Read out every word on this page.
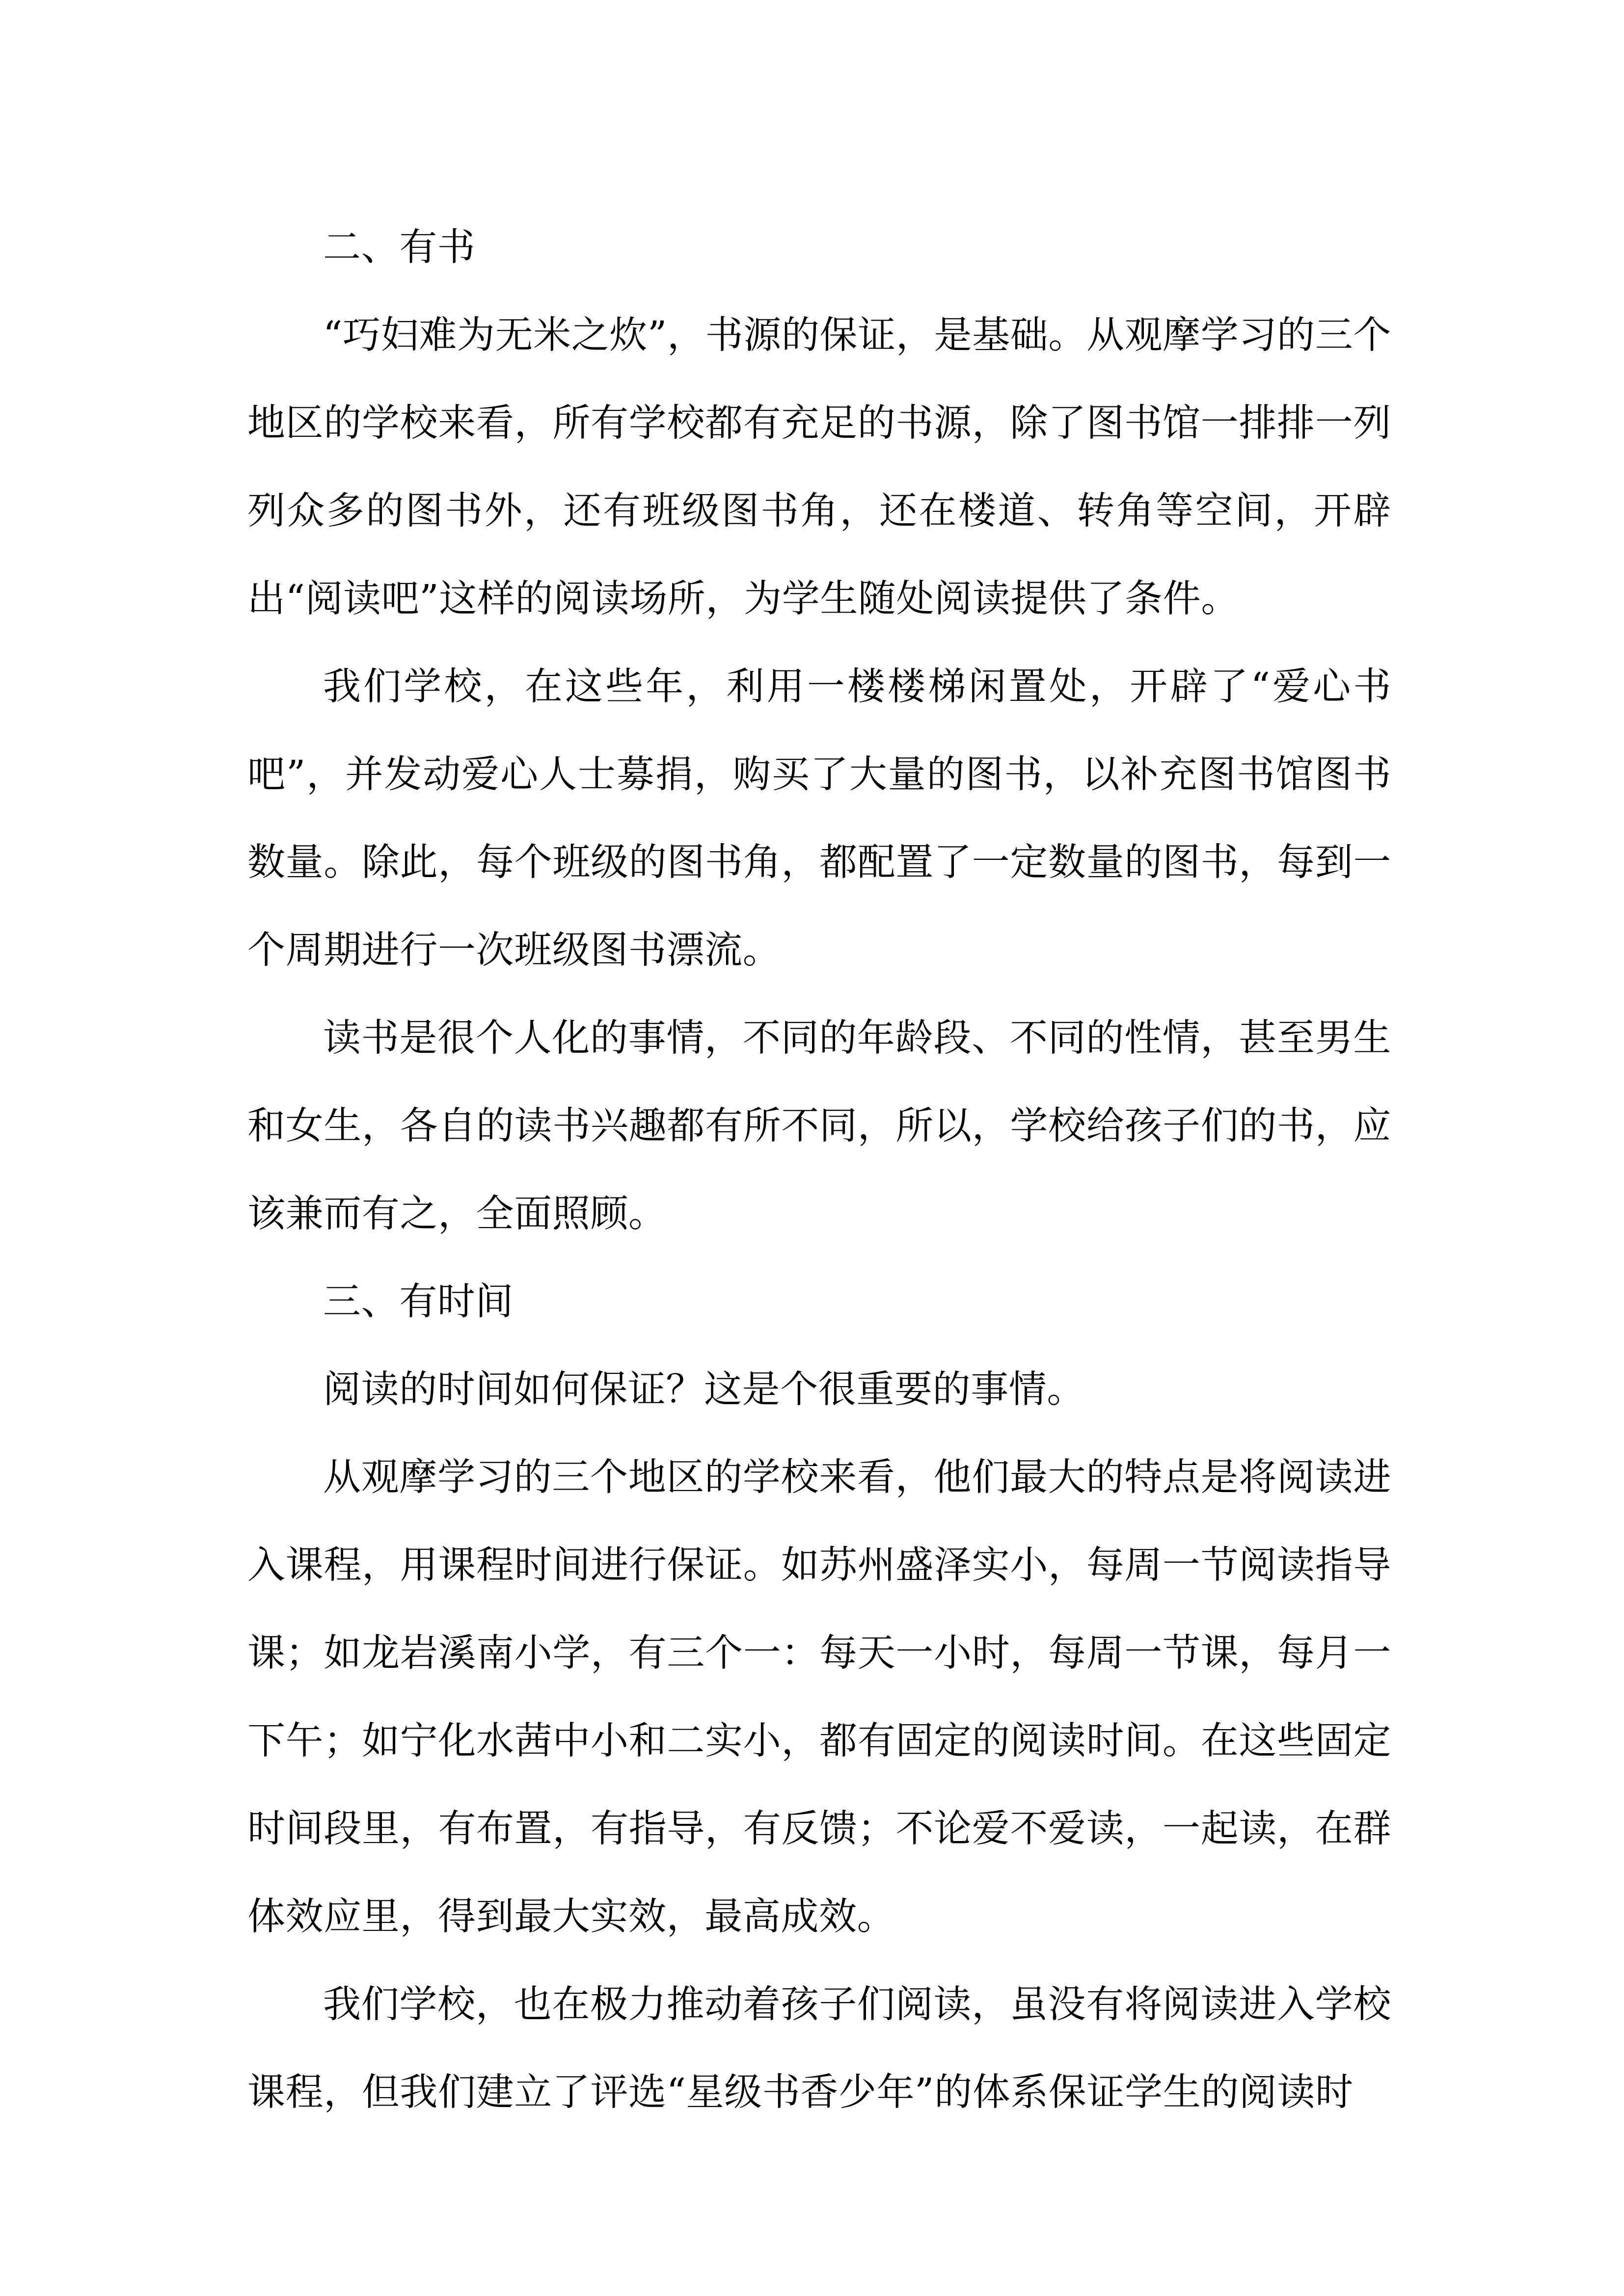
二、有书

“巧妇难为无米之炊”，书源的保证，是基础。从观摩学习的三个地区的学校来看，所有学校都有充足的书源，除了图书馆一排排一列列众多的图书外，还有班级图书角，还在楼道、转角等空间，开辟出“阅读吧”这样的阅读场所，为学生随处阅读提供了条件。

我们学校，在这些年，利用一楼楼梯闲置处，开辟了“爱心书吧”，并发动爱心人士募捐，购买了大量的图书，以补充图书馆图书数量。除此，每个班级的图书角，都配置了一定数量的图书，每到一个周期进行一次班级图书漂流。

读书是很个人化的事情，不同的年龄段、不同的性情，甚至男生和女生，各自的读书兴趣都有所不同，所以，学校给孩子们的书，应该兼而有之，全面照顾。

三、有时间

阅读的时间如何保证？这是个很重要的事情。

从观摩学习的三个地区的学校来看，他们最大的特点是将阅读进入课程，用课程时间进行保证。如苏州盛泽实小，每周一节阅读指导课；如龙岩溪南小学，有三个一：每天一小时，每周一节课，每月一下午；如宁化水茜中小和二实小，都有固定的阅读时间。在这些固定时间段里，有布置，有指导，有反馈；不论爱不爱读，一起读，在群体效应里，得到最大实效，最高成效。

我们学校，也在极力推动着孩子们阅读，虽没有将阅读进入学校课程，但我们建立了评选“星级书香少年”的体系保证学生的阅读时
